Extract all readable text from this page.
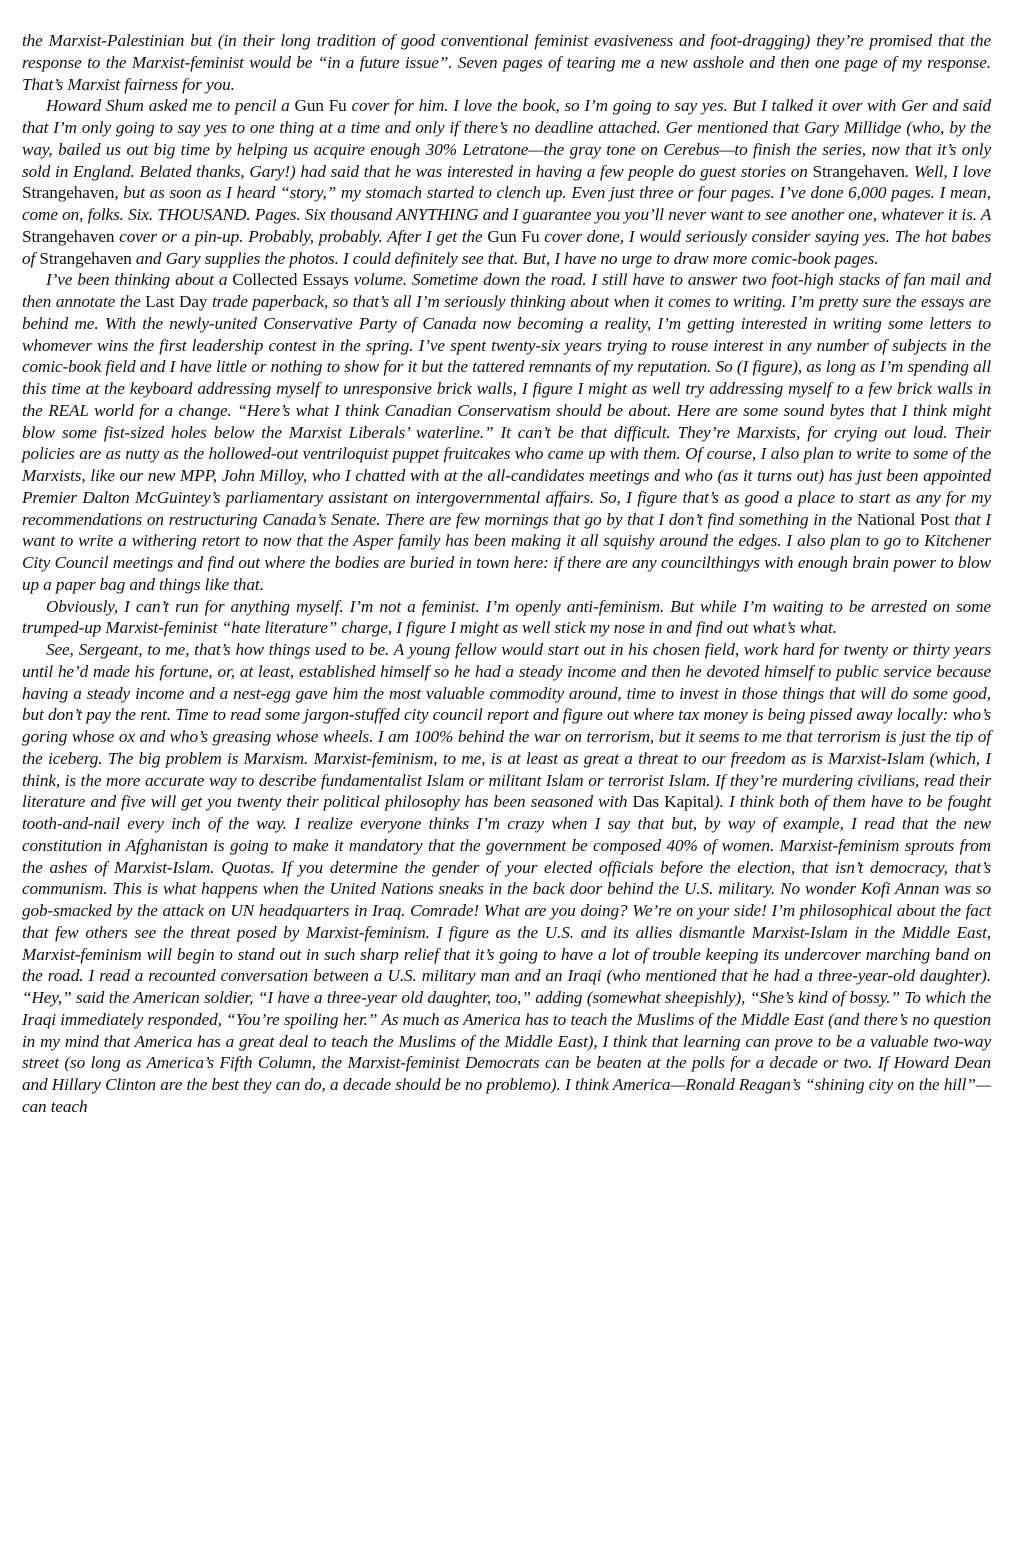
the Marxist-Palestinian but (in their long tradition of good conventional feminist evasiveness and foot-dragging) they’re promised that the response to the Marxist-feminist would be “in a future issue”. Seven pages of tearing me a new asshole and then one page of my response. That’s Marxist fairness for you.

Howard Shum asked me to pencil a Gun Fu cover for him. I love the book, so I’m going to say yes. But I talked it over with Ger and said that I’m only going to say yes to one thing at a time and only if there’s no deadline attached. Ger mentioned that Gary Millidge (who, by the way, bailed us out big time by helping us acquire enough 30% Letratone—the gray tone on Cerebus—to finish the series, now that it’s only sold in England. Belated thanks, Gary!) had said that he was interested in having a few people do guest stories on Strangehaven. Well, I love Strangehaven, but as soon as I heard “story,” my stomach started to clench up. Even just three or four pages. I’ve done 6,000 pages. I mean, come on, folks. Six. THOUSAND. Pages. Six thousand ANYTHING and I guarantee you you’ll never want to see another one, whatever it is. A Strangehaven cover or a pin-up. Probably, probably. After I get the Gun Fu cover done, I would seriously consider saying yes. The hot babes of Strangehaven and Gary supplies the photos. I could definitely see that. But, I have no urge to draw more comic-book pages.

I’ve been thinking about a Collected Essays volume. Sometime down the road. I still have to answer two foot-high stacks of fan mail and then annotate the Last Day trade paperback, so that’s all I’m seriously thinking about when it comes to writing. I’m pretty sure the essays are behind me. With the newly-united Conservative Party of Canada now becoming a reality, I’m getting interested in writing some letters to whomever wins the first leadership contest in the spring. I’ve spent twenty-six years trying to rouse interest in any number of subjects in the comic-book field and I have little or nothing to show for it but the tattered remnants of my reputation. So (I figure), as long as I’m spending all this time at the keyboard addressing myself to unresponsive brick walls, I figure I might as well try addressing myself to a few brick walls in the REAL world for a change. “Here’s what I think Canadian Conservatism should be about. Here are some sound bytes that I think might blow some fist-sized holes below the Marxist Liberals’ waterline.” It can’t be that difficult. They’re Marxists, for crying out loud. Their policies are as nutty as the hollowed-out ventriloquist puppet fruitcakes who came up with them. Of course, I also plan to write to some of the Marxists, like our new MPP, John Milloy, who I chatted with at the all-candidates meetings and who (as it turns out) has just been appointed Premier Dalton McGuintey’s parliamentary assistant on intergovernmental affairs. So, I figure that’s as good a place to start as any for my recommendations on restructuring Canada’s Senate. There are few mornings that go by that I don’t find something in the National Post that I want to write a withering retort to now that the Asper family has been making it all squishy around the edges. I also plan to go to Kitchener City Council meetings and find out where the bodies are buried in town here: if there are any councilthingys with enough brain power to blow up a paper bag and things like that.

Obviously, I can’t run for anything myself. I’m not a feminist. I’m openly anti-feminism. But while I’m waiting to be arrested on some trumped-up Marxist-feminist “hate literature” charge, I figure I might as well stick my nose in and find out what’s what.

See, Sergeant, to me, that’s how things used to be. A young fellow would start out in his chosen field, work hard for twenty or thirty years until he’d made his fortune, or, at least, established himself so he had a steady income and then he devoted himself to public service because having a steady income and a nest-egg gave him the most valuable commodity around, time to invest in those things that will do some good, but don’t pay the rent. Time to read some jargon-stuffed city council report and figure out where tax money is being pissed away locally: who’s goring whose ox and who’s greasing whose wheels. I am 100% behind the war on terrorism, but it seems to me that terrorism is just the tip of the iceberg. The big problem is Marxism. Marxist-feminism, to me, is at least as great a threat to our freedom as is Marxist-Islam (which, I think, is the more accurate way to describe fundamentalist Islam or militant Islam or terrorist Islam. If they’re murdering civilians, read their literature and five will get you twenty their political philosophy has been seasoned with Das Kapital). I think both of them have to be fought tooth-and-nail every inch of the way. I realize everyone thinks I’m crazy when I say that but, by way of example, I read that the new constitution in Afghanistan is going to make it mandatory that the government be composed 40% of women. Marxist-feminism sprouts from the ashes of Marxist-Islam. Quotas. If you determine the gender of your elected officials before the election, that isn’t democracy, that’s communism. This is what happens when the United Nations sneaks in the back door behind the U.S. military. No wonder Kofi Annan was so gob-smacked by the attack on UN headquarters in Iraq. Comrade! What are you doing? We’re on your side! I’m philosophical about the fact that few others see the threat posed by Marxist-feminism. I figure as the U.S. and its allies dismantle Marxist-Islam in the Middle East, Marxist-feminism will begin to stand out in such sharp relief that it’s going to have a lot of trouble keeping its undercover marching band on the road. I read a recounted conversation between a U.S. military man and an Iraqi (who mentioned that he had a three-year-old daughter). “Hey,” said the American soldier, “I have a three-year old daughter, too,” adding (somewhat sheepishly), “She’s kind of bossy.” To which the Iraqi immediately responded, “You’re spoiling her.” As much as America has to teach the Muslims of the Middle East (and there’s no question in my mind that America has a great deal to teach the Muslims of the Middle East), I think that learning can prove to be a valuable two-way street (so long as America’s Fifth Column, the Marxist-feminist Democrats can be beaten at the polls for a decade or two. If Howard Dean and Hillary Clinton are the best they can do, a decade should be no problemo). I think America—Ronald Reagan’s “shining city on the hill”—can teach
